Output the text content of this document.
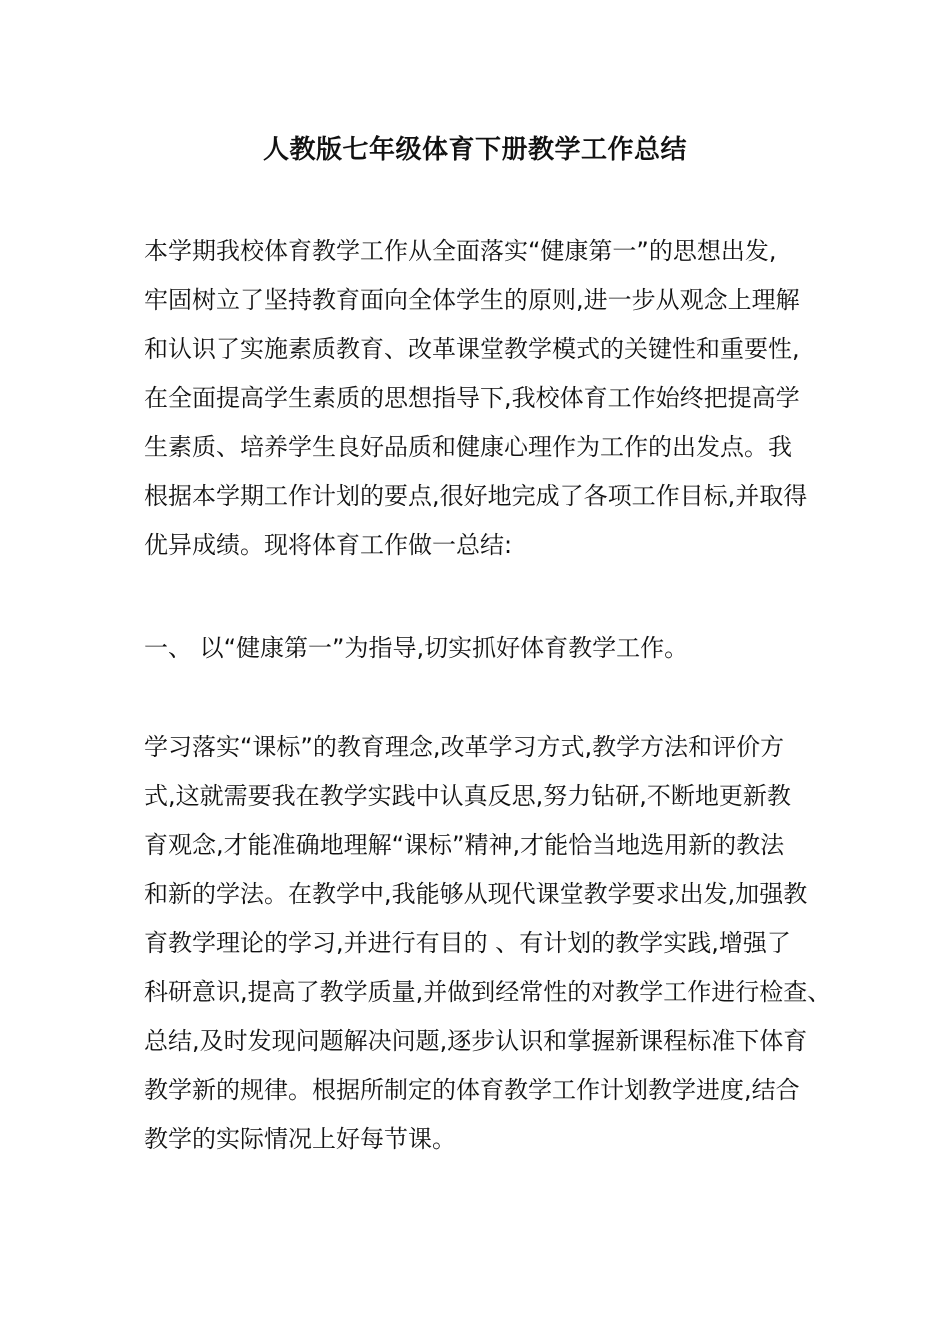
人教版七年级体育下册教学工作总结
本学期我校体育教学工作从全面落实“健康第一”的思想出发,
牢固树立了坚持教育面向全体学生的原则,进一步从观念上理解
和认识了实施素质教育、改革课堂教学模式的关键性和重要性,
在全面提高学生素质的思想指导下,我校体育工作始终把提高学
生素质、培养学生良好品质和健康心理作为工作的出发点。我
根据本学期工作计划的要点,很好地完成了各项工作目标,并取得
优异成绩。现将体育工作做一总结:
一、 以“健康第一”为指导,切实抓好体育教学工作。
学习落实“课标”的教育理念,改革学习方式,教学方法和评价方
式,这就需要我在教学实践中认真反思,努力钻研,不断地更新教
育观念,才能准确地理解“课标”精神,才能恰当地选用新的教法
和新的学法。在教学中,我能够从现代课堂教学要求出发,加强教
育教学理论的学习,并进行有目的 、有计划的教学实践,增强了
科研意识,提高了教学质量,并做到经常性的对教学工作进行检查、
总结,及时发现问题解决问题,逐步认识和掌握新课程标准下体育
教学新的规律。根据所制定的体育教学工作计划教学进度,结合
教学的实际情况上好每节课。
